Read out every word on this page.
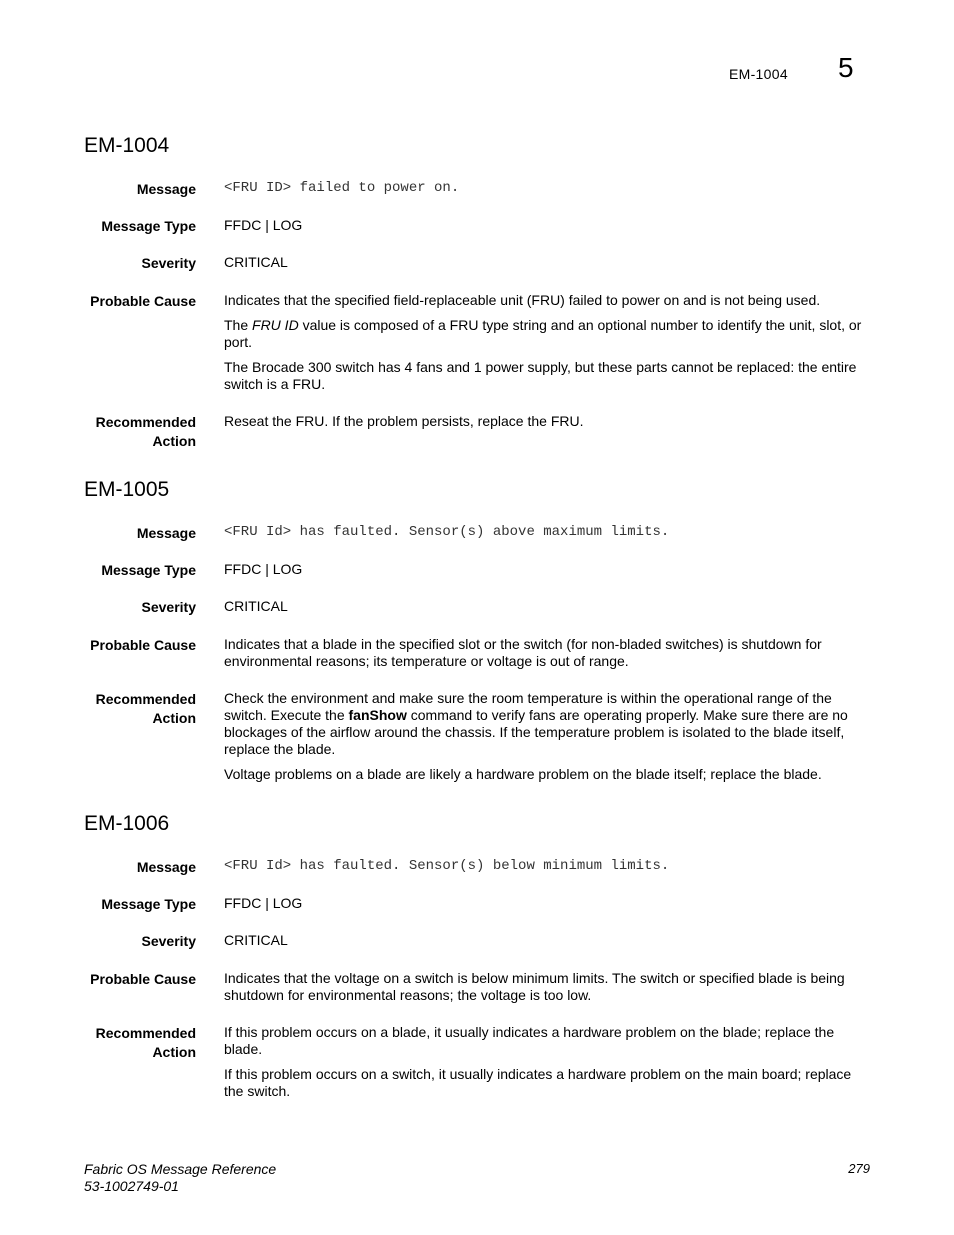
EM-1004 5
EM-1004
Message <FRU ID> failed to power on.
Message Type FFDC | LOG
Severity CRITICAL
Probable Cause Indicates that the specified field-replaceable unit (FRU) failed to power on and is not being used.

The FRU ID value is composed of a FRU type string and an optional number to identify the unit, slot, or port.

The Brocade 300 switch has 4 fans and 1 power supply, but these parts cannot be replaced: the entire switch is a FRU.

Recommended
Action

Reseat the FRU. If the problem persists, replace the FRU.

EM-1005
Message <FRU Id> has faulted. Sensor(s) above maximum limits.
Message Type FFDC | LOG
Severity CRITICAL
Probable Cause Indicates that a blade in the specified slot or the switch (for non-bladed switches) is shutdown for environmental reasons; its temperature or voltage is out of range.

Recommended
Action

Check the environment and make sure the room temperature is within the operational range of the switch. Execute the fanShow command to verify fans are operating properly. Make sure there are no blockages of the airflow around the chassis. If the temperature problem is isolated to the blade itself, replace the blade.

Voltage problems on a blade are likely a hardware problem on the blade itself; replace the blade.

EM-1006
Message <FRU Id> has faulted. Sensor(s) below minimum limits.
Message Type FFDC | LOG
Severity CRITICAL
Probable Cause Indicates that the voltage on a switch is below minimum limits. The switch or specified blade is being shutdown for environmental reasons; the voltage is too low.

Recommended
Action

If this problem occurs on a blade, it usually indicates a hardware problem on the blade; replace the blade.

If this problem occurs on a switch, it usually indicates a hardware problem on the main board; replace the switch.

Fabric OS Message Reference
53-1002749-01
279
